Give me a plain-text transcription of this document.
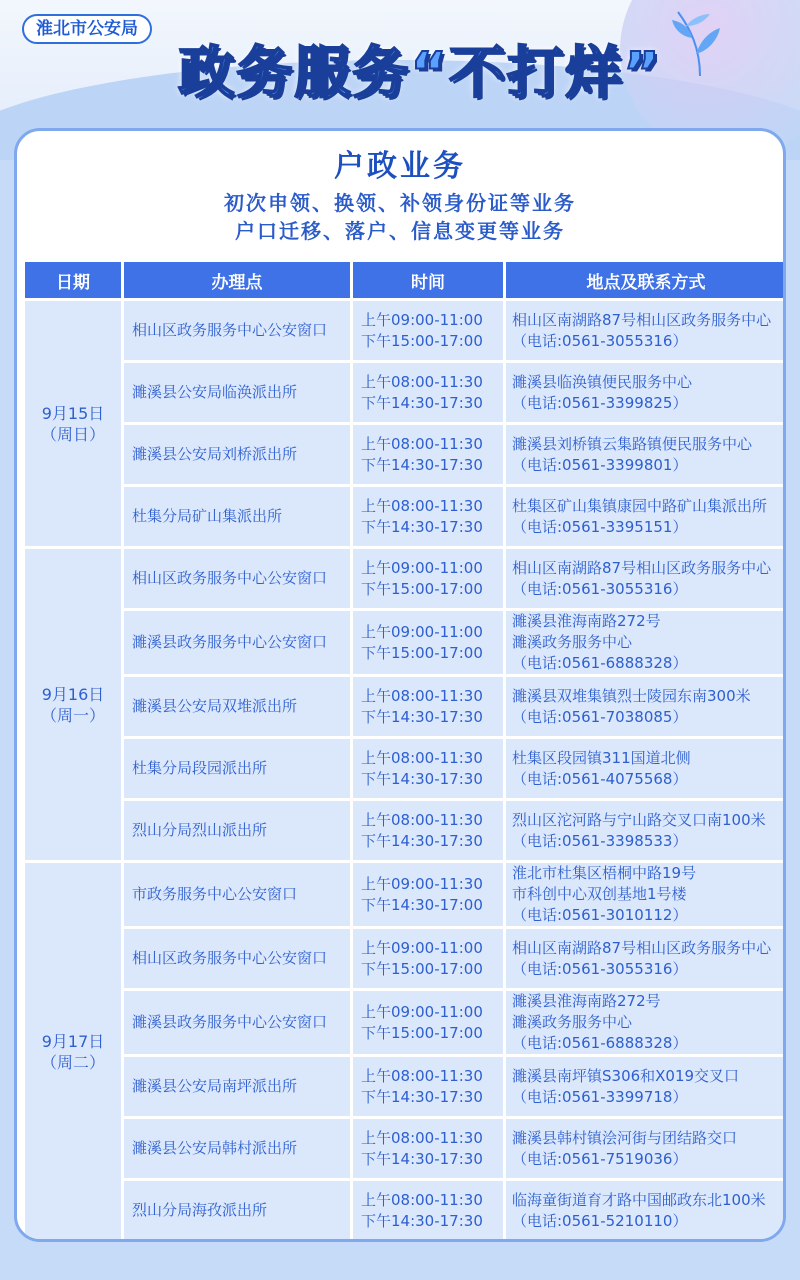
淮北市公安局
政务服务“不打烊”
户政业务
初次申领、换领、补领身份证等业务
户口迁移、落户、信息变更等业务
日期	办理点	时间	地点及联系方式

9月15日
（周日）	相山区政务服务中心公安窗口	上午09:00-11:00
下午15:00-17:00	相山区南湖路87号相山区政务服务中心
（电话:0561-3055316）

	濉溪县公安局临涣派出所	上午08:00-11:30
下午14:30-17:30	濉溪县临涣镇便民服务中心
（电话:0561-3399825）

	濉溪县公安局刘桥派出所	上午08:00-11:30
下午14:30-17:30	濉溪县刘桥镇云集路镇便民服务中心
（电话:0561-3399801）

	杜集分局矿山集派出所	上午08:00-11:30
下午14:30-17:30	杜集区矿山集镇康园中路矿山集派出所
（电话:0561-3395151）

9月16日
（周一）	相山区政务服务中心公安窗口	上午09:00-11:00
下午15:00-17:00	相山区南湖路87号相山区政务服务中心
（电话:0561-3055316）

	濉溪县政务服务中心公安窗口	上午09:00-11:00
下午15:00-17:00	濉溪县淮海南路272号
濉溪政务服务中心
（电话:0561-6888328）

	濉溪县公安局双堆派出所	上午08:00-11:30
下午14:30-17:30	濉溪县双堆集镇烈士陵园东南300米
（电话:0561-7038085）

	杜集分局段园派出所	上午08:00-11:30
下午14:30-17:30	杜集区段园镇311国道北侧
（电话:0561-4075568）

	烈山分局烈山派出所	上午08:00-11:30
下午14:30-17:30	烈山区沱河路与宁山路交叉口南100米
（电话:0561-3398533）

9月17日
（周二）	市政务服务中心公安窗口	上午09:00-11:30
下午14:30-17:00	淮北市杜集区梧桐中路19号
市科创中心双创基地1号楼
（电话:0561-3010112）

	相山区政务服务中心公安窗口	上午09:00-11:00
下午15:00-17:00	相山区南湖路87号相山区政务服务中心
（电话:0561-3055316）

	濉溪县政务服务中心公安窗口	上午09:00-11:00
下午15:00-17:00	濉溪县淮海南路272号
濉溪政务服务中心
（电话:0561-6888328）

	濉溪县公安局南坪派出所	上午08:00-11:30
下午14:30-17:30	濉溪县南坪镇S306和X019交叉口
（电话:0561-3399718）

	濉溪县公安局韩村派出所	上午08:00-11:30
下午14:30-17:30	濉溪县韩村镇浍河街与团结路交口
（电话:0561-7519036）

	烈山分局海孜派出所	上午08:00-11:30
下午14:30-17:30	临海童街道育才路中国邮政东北100米
（电话:0561-5210110）
